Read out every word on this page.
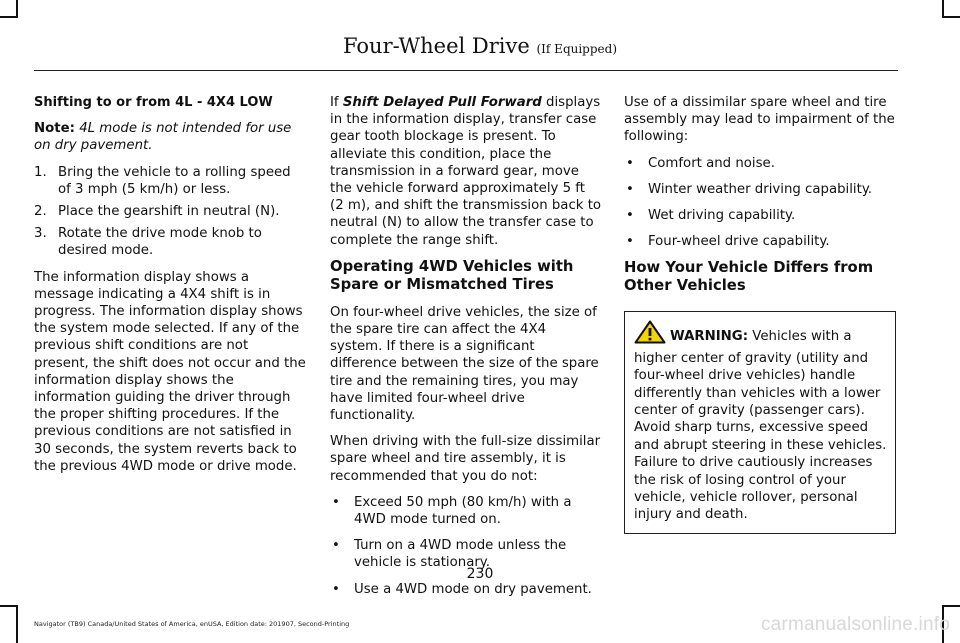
Four-Wheel Drive (If Equipped)
Shifting to or from 4L - 4X4 LOW
Note: 4L mode is not intended for use on dry pavement.
1. Bring the vehicle to a rolling speed of 3 mph (5 km/h) or less.
2. Place the gearshift in neutral (N).
3. Rotate the drive mode knob to desired mode.

The information display shows a message indicating a 4X4 shift is in progress. The information display shows the system mode selected. If any of the previous shift conditions are not present, the shift does not occur and the information display shows the information guiding the driver through the proper shifting procedures. If the previous conditions are not satisfied in 30 seconds, the system reverts back to the previous 4WD mode or drive mode.

If Shift Delayed Pull Forward displays in the information display, transfer case gear tooth blockage is present. To alleviate this condition, place the transmission in a forward gear, move the vehicle forward approximately 5 ft (2 m), and shift the transmission back to neutral (N) to allow the transfer case to complete the range shift.

Operating 4WD Vehicles with Spare or Mismatched Tires

On four-wheel drive vehicles, the size of the spare tire can affect the 4X4 system. If there is a significant difference between the size of the spare tire and the remaining tires, you may have limited four-wheel drive functionality.

When driving with the full-size dissimilar spare wheel and tire assembly, it is recommended that you do not:

• Exceed 50 mph (80 km/h) with a 4WD mode turned on.
• Turn on a 4WD mode unless the vehicle is stationary.
• Use a 4WD mode on dry pavement.

Use of a dissimilar spare wheel and tire assembly may lead to impairment of the following:

• Comfort and noise.
• Winter weather driving capability.
• Wet driving capability.
• Four-wheel drive capability.
How Your Vehicle Differs from Other Vehicles
WARNING: Vehicles with a higher center of gravity (utility and four-wheel drive vehicles) handle differently than vehicles with a lower center of gravity (passenger cars). Avoid sharp turns, excessive speed and abrupt steering in these vehicles. Failure to drive cautiously increases the risk of losing control of your vehicle, vehicle rollover, personal injury and death.
230
Navigator (TB9) Canada/United States of America, enUSA, Edition date: 201907, Second-Printing	carmanualsonline.info
